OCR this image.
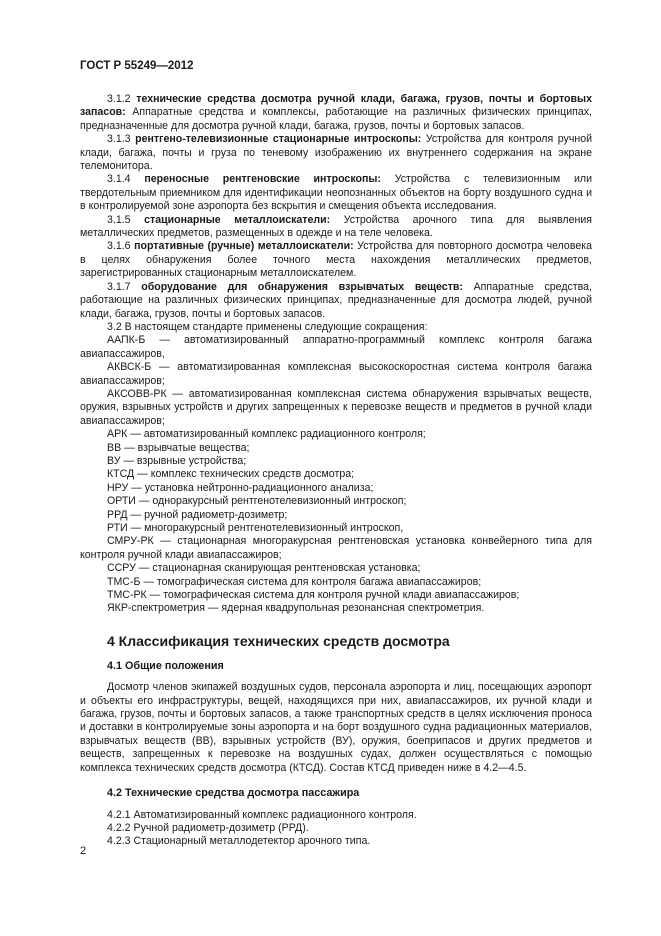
ГОСТ Р 55249—2012

3.1.2 технические средства досмотра ручной клади, багажа, грузов, почты и бортовых запасов: Аппаратные средства и комплексы, работающие на различных физических принципах, предназначенные для досмотра ручной клади, багажа, грузов, почты и бортовых запасов.

3.1.3 рентгено-телевизионные стационарные интроскопы: Устройства для контроля ручной клади, багажа, почты и груза по теневому изображению их внутреннего содержания на экране телемонитора.

3.1.4 переносные рентгеновские интроскопы: Устройства с телевизионным или твердотельным приемником для идентификации неопознанных объектов на борту воздушного судна и в контролируемой зоне аэропорта без вскрытия и смещения объекта исследования.

3.1.5 стационарные металлоискатели: Устройства арочного типа для выявления металлических предметов, размещенных в одежде и на теле человека.

3.1.6 портативные (ручные) металлоискатели: Устройства для повторного досмотра человека в целях обнаружения более точного места нахождения металлических предметов, зарегистрированных стационарным металлоискателем.

3.1.7 оборудование для обнаружения взрывчатых веществ: Аппаратные средства, работающие на различных физических принципах, предназначенные для досмотра людей, ручной клади, багажа, грузов, почты и бортовых запасов.

3.2 В настоящем стандарте применены следующие сокращения:

ААПК-Б — автоматизированный аппаратно-программный комплекс контроля багажа авиапассажиров,

АКВСК-Б — автоматизированная комплексная высокоскоростная система контроля багажа авиапассажиров;

АКСОВВ-РК — автоматизированная комплексная система обнаружения взрывчатых веществ, оружия, взрывных устройств и других запрещенных к перевозке веществ и предметов в ручной клади авиапассажиров;

АРК — автоматизированный комплекс радиационного контроля;

ВВ — взрывчатые вещества;

ВУ — взрывные устройства;

КТСД — комплекс технических средств досмотра;

НРУ — установка нейтронно-радиационного анализа;

ОРТИ — одноракурсный рентгенотелевизионный интроскоп;

РРД — ручной радиометр-дозиметр;

РТИ — многоракурсный рентгенотелевизионный интроскоп,

СМРУ-РК — стационарная многоракурсная рентгеновская установка конвейерного типа для контроля ручной клади авиапассажиров;

ССРУ — стационарная сканирующая рентгеновская установка;

ТМС-Б — томографическая система для контроля багажа авиапассажиров;

ТМС-РК — томографическая система для контроля ручной клади авиапассажиров;

ЯКР-спектрометрия — ядерная квадрупольная резонансная спектрометрия.

4 Классификация технических средств досмотра
4.1 Общие положения

Досмотр членов экипажей воздушных судов, персонала аэропорта и лиц, посещающих аэропорт и объекты его инфраструктуры, вещей, находящихся при них, авиапассажиров, их ручной клади и багажа, грузов, почты и бортовых запасов, а также транспортных средств в целях исключения проноса и доставки в контролируемые зоны аэропорта и на борт воздушного судна радиационных материалов, взрывчатых веществ (ВВ), взрывных устройств (ВУ), оружия, боеприпасов и других предметов и веществ, запрещенных к перевозке на воздушных судах, должен осуществляться с помощью комплекса технических средств досмотра (КТСД). Состав КТСД приведен ниже в 4.2—4.5.

4.2 Технические средства досмотра пассажира

4.2.1 Автоматизированный комплекс радиационного контроля.

4.2.2 Ручной радиометр-дозиметр (РРД).

4.2.3 Стационарный металлодетектор арочного типа.

2
